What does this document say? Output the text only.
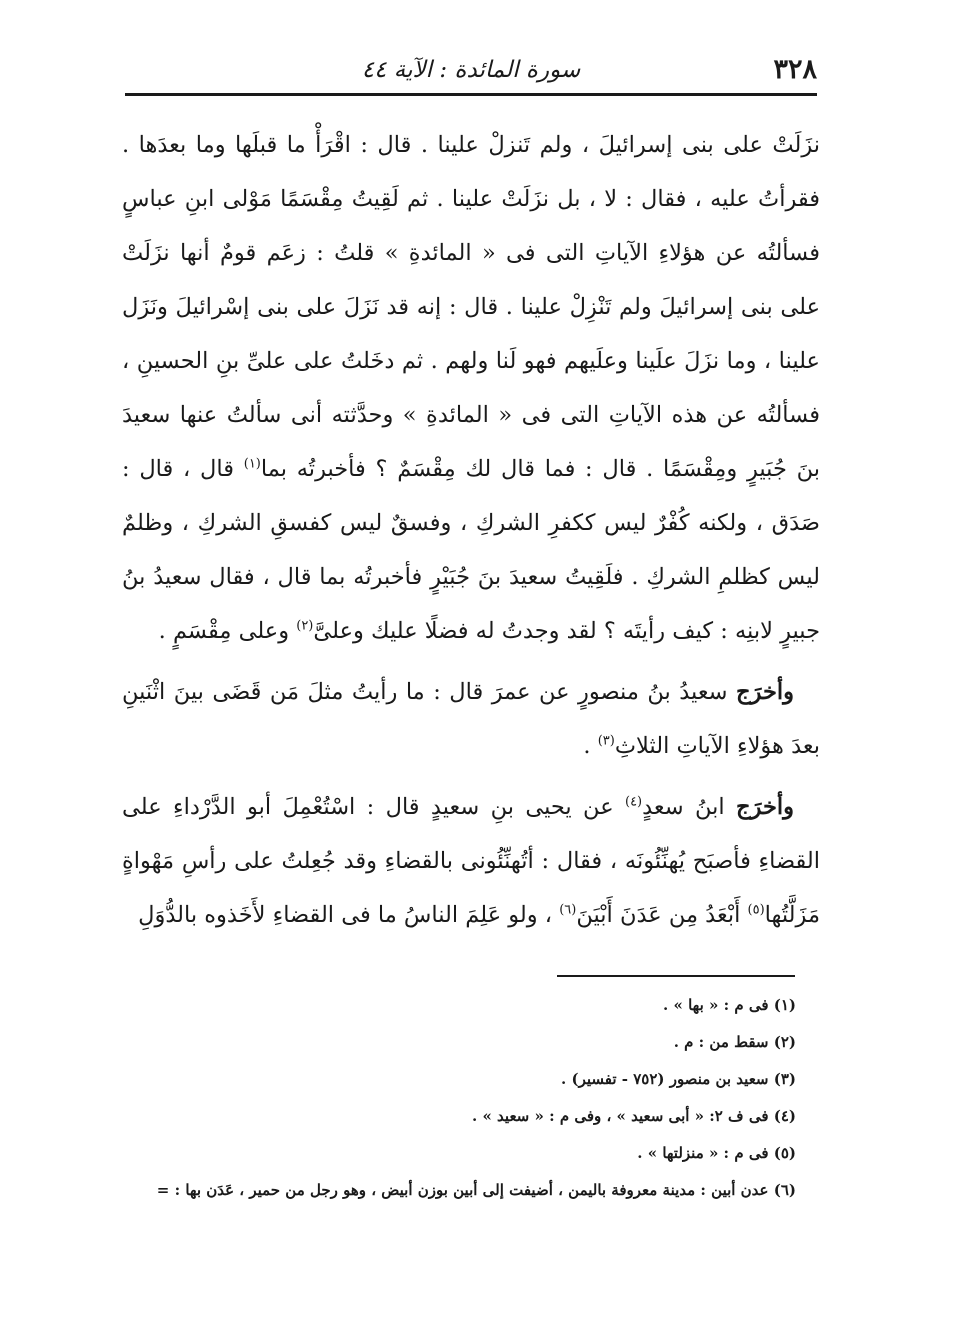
٣٢٨
سورة المائدة : الآية ٤٤

نزَلَتْ على بنى إسرائيلَ ، ولم تَنزلْ علينا . قال : اقْرَأْ ما قبلَها وما بعدَها . فقرأتُ عليه ، فقال : لا ، بل نزَلَتْ علينا . ثم لَقِيتُ مِقْسَمًا مَوْلى ابنِ عباسٍ فسألتُه عن هؤلاءِ الآياتِ التى فى « المائدةِ » قلتُ : زعَم قومٌ أنها نزَلَتْ على بنى إسرائيلَ ولم تَنْزِلْ علينا . قال : إنه قد نَزَلَ على بنى إسْرائيلَ ونَزَل علينا ، وما نزَلَ علَينا وعلَيهم فهو لَنا ولهم . ثم دخَلتُ على علىِّ بنِ الحسينِ ، فسألتُه عن هذه الآياتِ التى فى « المائدةِ » وحدَّثته أنى سألتُ عنها سعيدَ بنَ جُبَيرٍ ومِقْسَمًا . قال : فما قال لك مِقْسَمٌ ؟ فأخبرتُه بما$^{(١)}$ قال ، قال : صَدَق ، ولكنه كُفْرٌ ليس ككفرِ الشركِ ، وفسقٌ ليس كفسقِ الشركِ ، وظلمٌ ليس كظلمِ الشركِ . فلَقِيتُ سعيدَ بنَ جُبَيْرٍ فأخبرتُه بما قال ، فقال سعيدُ بنُ جبيرٍ لابنِه : كيف رأيتَه ؟ لقد وجدتُ له فضلًا عليك وعلىَّ$^{(٢)}$ وعلى مِقْسَمٍ .

وأخرَج سعيدُ بنُ منصورٍ عن عمرَ قال : ما رأيتُ مثلَ مَن قَضَى بينَ اثْنَينِ بعدَ هؤلاءِ الآياتِ الثلاثِ$^{(٣)}$ .

وأخرَج ابنُ سعدٍ$^{(٤)}$ عن يحيى بنِ سعيدٍ قال : اسْتُعْمِلَ أبو الدَّرْداءِ على القضاءِ فأصبَح يُهنِّئُونَه ، فقال : أتُهنِّئُونى بالقضاءِ وقد جُعِلتُ على رأسِ مَهْواةٍ مَزَلَّتُها$^{(٥)}$ أَبْعَدُ مِن عَدَنَ أَبْيَنَ$^{(٦)}$ ، ولو عَلِمَ الناسُ ما فى القضاءِ لأَخَذوه بالدُّوَلِ

(١) فى م : « بها » .
(٢) سقط من : م .
(٣) سعيد بن منصور (٧٥٢ - تفسير) .
(٤) فى ف ٢: « أبى سعيد » ، وفى م : « سعيد » .
(٥) فى م : « منزلتها » .
(٦) عدن أبين : مدينة معروفة باليمن ، أضيفت إلى أبين بوزن أبيض ، وهو رجل من حمير ، عَدَن بها : =
